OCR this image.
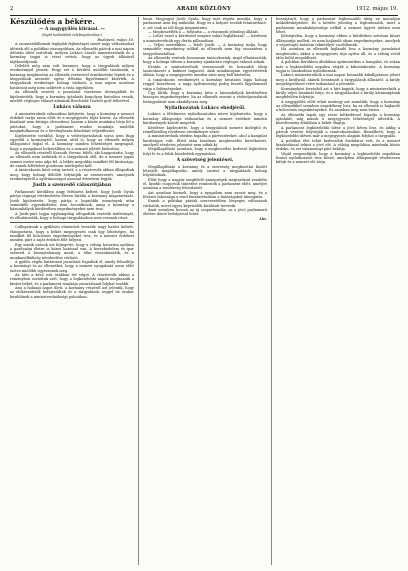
2	ARADI KÖZLÖNY	1912. május 19.
Készülődés a békére.
— A nagygyűlés kiírásai. —
(Saját tudósítónk telefonjelentése.)
Budapest, május 18.

A szomszédállamok legújabb fejleményei ismét nagy változásokat idéztek elő a politikai viszonyokban. Az ellenzéki pártok a mai napon délután ülést tartottak, melyen Lukács László miniszterelnök és a kormány tagjai is részt vettek, hogy az ügyek állásáról tájékozódjanak.

Délelőtt még nem volt bizonyos, hogy a tárgyalások milyen eredménnyel járnak. Hogy ezt a kérdést mielőbb tisztázzák, a kormány megbízottai az ellenzék vezéreivel érintkezésbe léptek és a tárgyalások menetét egész délután figyelemmel kísérték. A tárgyalások eredménye holnap várható, a mai napon azonban határozat még nem született a vitás ügyekben.

Az ellenzék vezetői a javaslatot tüzetesen átvizsgálták és kijelentették, hogy a kormány ajánlatát komolyan fontolóra veszik, mielőtt végleges választ adnának Berchtold Tisztelt gróf ítéletével.

Lukács válasza

A miniszterelnök válaszában kifejtette, hogy a kormány a nemzet érdekét tartja szem előtt és a megegyezés útját keresi. Az ellenzék bizalmát nem kívánja elveszíteni, hanem a közös munkára hívja fel a pártokat, hogy a parlament rendes munkája mielőbb megindulhasson és a törvényhozás feladatait teljesíthesse.

Kijelentette továbbá, hogy a véderőjavaslatok sorsa nem függ egyedül a kormánytól, hanem attól is, hogy az ellenzék milyen álláspontot foglal el. A kormány minden lehetőséget megragad, hogy a nyugalmat helyreállítsa és a nemzet jólétét biztosítsa.

Az ellenzék részéről Kossuth Ferenc felelt, aki hangoztatta, hogy az ellenzék nem zárkózik el a tárgyalások elől, de a nemzet jogait semmi esetre sem adja fel. A békés megoldás mindkét fél kívánsága, de ennek feltételeit gondosan mérlegelni kell.

A tanácskozás késő estig tartott, s a résztvevők abban állapodtak meg, hogy holnap délelőtt folytatják az eszmecserét, amelynek eredményéről a nyilvánosságot azonnal értesíteni fogják.

Justh a szenvedő válaszútjában

Parlamenti körökben nagy feltűnést keltett, hogy Justh Gyula pártja tegnapi értekezletén élesen bírálta a kormány magatartását. Justh kijelentette, hogy pártja a legutóbbi események után semmiféle egyezkedésbe nem bocsátkozik, amíg a kormány a házszabályok kérdésében engedményeket nem tesz.

A Justh-párt tagjai egyhangúlag elfogadták vezérük indítványát, és elhatározták, hogy a holnapi tárgyalásokon nem vesznek részt.

Callegarinak a gyűlésen elmondott beszéde nagy hatást keltett. Hangoztatta, hogy a békés megegyezés csak úgy lehetséges, ha mindkét fél kölcsönös engedményeket tesz, és a nemzet érdekeit minden párt a saját érdekei fölé helyezi.

Egy másik szónok azt fejtegette, hogy a válság hosszúra nyúlása a gazdasági életre is káros hatással van. A kereskedelem és ipar szenved a bizonytalanság miatt, a tőke visszahúzódik, és a munkanélküliség növekedése várható.

A gyűlés végén határozati javaslatot fogadtak el, amely felszólítja a kormányt és az ellenzéket, hogy a nemzet nyugalmát szem előtt tartva mielőbb egyezzenek meg.

Az ülés a késő esti órákban ért véget. A résztvevők abban a reményben oszlottak szét, hogy a legközelebbi napok meghozzák a kívánt békét, és a parlament munkája zavartalanul folyhat tovább.

Ami a holnapi napot illeti, a kormány részéről azt jelentik, hogy az előkészületek befejeződtek és a tárgyalások reggel tíz órakor kezdődnek a miniszterelnökségi palotában.

lenni. Megjegyzi Justh Gyula, hogy már régóta mondja, hogy a parlament nem fog működni. Hogy ez a helyzet tovább fenntartható-e, azt csak az idő fogja megmutatni.

— Megbeszélték a — folytatta — a viszonyok jelenlegi állását.

— Lehet ezzel a kérdéssel ennyire sokat foglalkozni? — kérdezte a miniszterelnök egy derűs pillanatban.

— Teljes mértékben — felelt Justh. — A kormány tudja, hogy semmiféle engedmény nélkül az ellenzék nem fog visszatérni a tárgyalóasztalhoz.

Az ellenzéki vezérek hosszasan tanácskoztak, majd elhatározták, hogy a holnapi ülésen a kormány ajánlatára végleges választ adnak.

Ezután a miniszterelnök visszavonult és hosszabb ideig tanácskozott a kabinet tagjaival, akik mindannyian egyetértettek abban, hogy a megegyezést minden áron meg kell kísérelni.

A tanácskozás eredményét a kormány hivatalos lapja holnap reggel közzéteszi, a nagy nyilvánosság pedig feszült figyelemmel várja a fejleményeket.

Úgy hírlik, hogy a kormány kész a házszabályok kérdésében bizonyos engedményekre, ha az ellenzék viszont a véderőjavaslatok letárgyalását nem akadályozza meg.

Nyilatkozatok Lukács ebédjéről.

Lukács a félelmetes nyilatkozatokra nézve kijelentette, hogy a kormány álláspontja változatlan és a nemzet érdekeit minden körülmények között megvédi.

Kérdésre kijelentette, hogy a tárgyalások menete kielégítő és remélhetőleg rövidesen eredményre vezet.

A miniszterelnök ebéden fogadta a pártvezéreket, ahol a hangulat barátságos volt. Ebéd után bizalmas megbeszélés következett, amelyről részletes jelentést nem adtak ki.

Megállapítható azonban, hogy a megbeszélés kedvező légkörben folyt le és a felek közeledtek egymáshoz.

A szövetség jelentései.

Megállapítható a kormány és a szövetség megbízottai között létrejött megállapodás, amely szerint a tárgyalások holnap folytatódnak.

Előtt hogy a nagyúr megfelelő ünnepségek megtartását rendelte el, kisebb csoportok tüntetést rendeztek a parlament előtt, amelyet azonban a rendőrség feloszlatott.

Azt azonban kiemeli, hogy a nyugalom nem zavart meg, és a főváros lakossága a rend fenntartásában a hatóságokat támogatta.

Ennek a politikai pártok szervezetében lényeges változások várhatók, mivel egyes képviselők kiválását tervezik.

Amit szemben hosszú az új csoportosulás, az a jövő parlamenti életére döntő befolyással lehet.

Lin.

hozzájárult, hogy a parlament leghosszabb ideig ne maradjon működésképtelen. Ez a kérdés jelenleg a legfontosabb, mert a parlament munkaképessége nélkül a nemzet ügyeit intézni nem lehet.

Kétségtelen, hogy a kormány ebben a kérdésben szívósan kitart álláspontja mellett, és nem hajlandó olyan engedményekre, amelyek a végrehajtó hatalom tekintélyét csorbítanák.

Ha azonban az ellenzék hajlandó lesz a kormány javaslatait megfontolni, akkor a megegyezés útja nyitva áll, és a válság rövid időn belül megoldható.

A politikai körökben általában optimisztikus a hangulat, és sokan már a legközelebbi napokra várják a kibontakozást. A kormány tagjai is bizakodóan nyilatkoznak.

Lukács miniszterelnök a mai napon hosszabb kihallgatáson jelent meg a királynál, akinek beszámolt a tárgyalások állásáról. A király megelégedéssel vette tudomásul a jelentést.

Kormányköri forrásból azt a hírt kapjuk, hogy a miniszterelnök a király teljes bizalmát bírja, és a tárgyalásokat a király kívánságának megfelelően folytatja.

A nagygyűlés előtt tehát mintegy azt mondták, hogy a kormány az ellenzékkel szemben engedékeny lesz, ha az ellenzék is hajlandó a kölcsönös engedményekre. Ez azonban még nem biztos.

Az ellenzéki lapok egy része kétkedéssel fogadja a kormány ajánlatát, míg mások a megegyezés lehetőségét üdvözlik. A közvélemény általában a békét óhajtja.

A parlament legközelebbi ülése a jövő héten lesz, és addig a pártok vezérei folytatják a tanácskozásokat. Remélhető, hogy a legközelebbi ülésen már a megegyezés alapján folyhat a tárgyalás.

A politikai élet tehát kedvezőbb fordulatot vett, és a nemzet bizakodással tekint a jövő elé. A válság megoldása mindenki közös érdeke, és ezt valamennyi párt belátja.

Végül megemlítjük, hogy a kormány a legközelebbi napokban fontos nyilatkozatot tesz közzé, amelyben álláspontját részletesen kifejti és a nemzet elé tárja.
